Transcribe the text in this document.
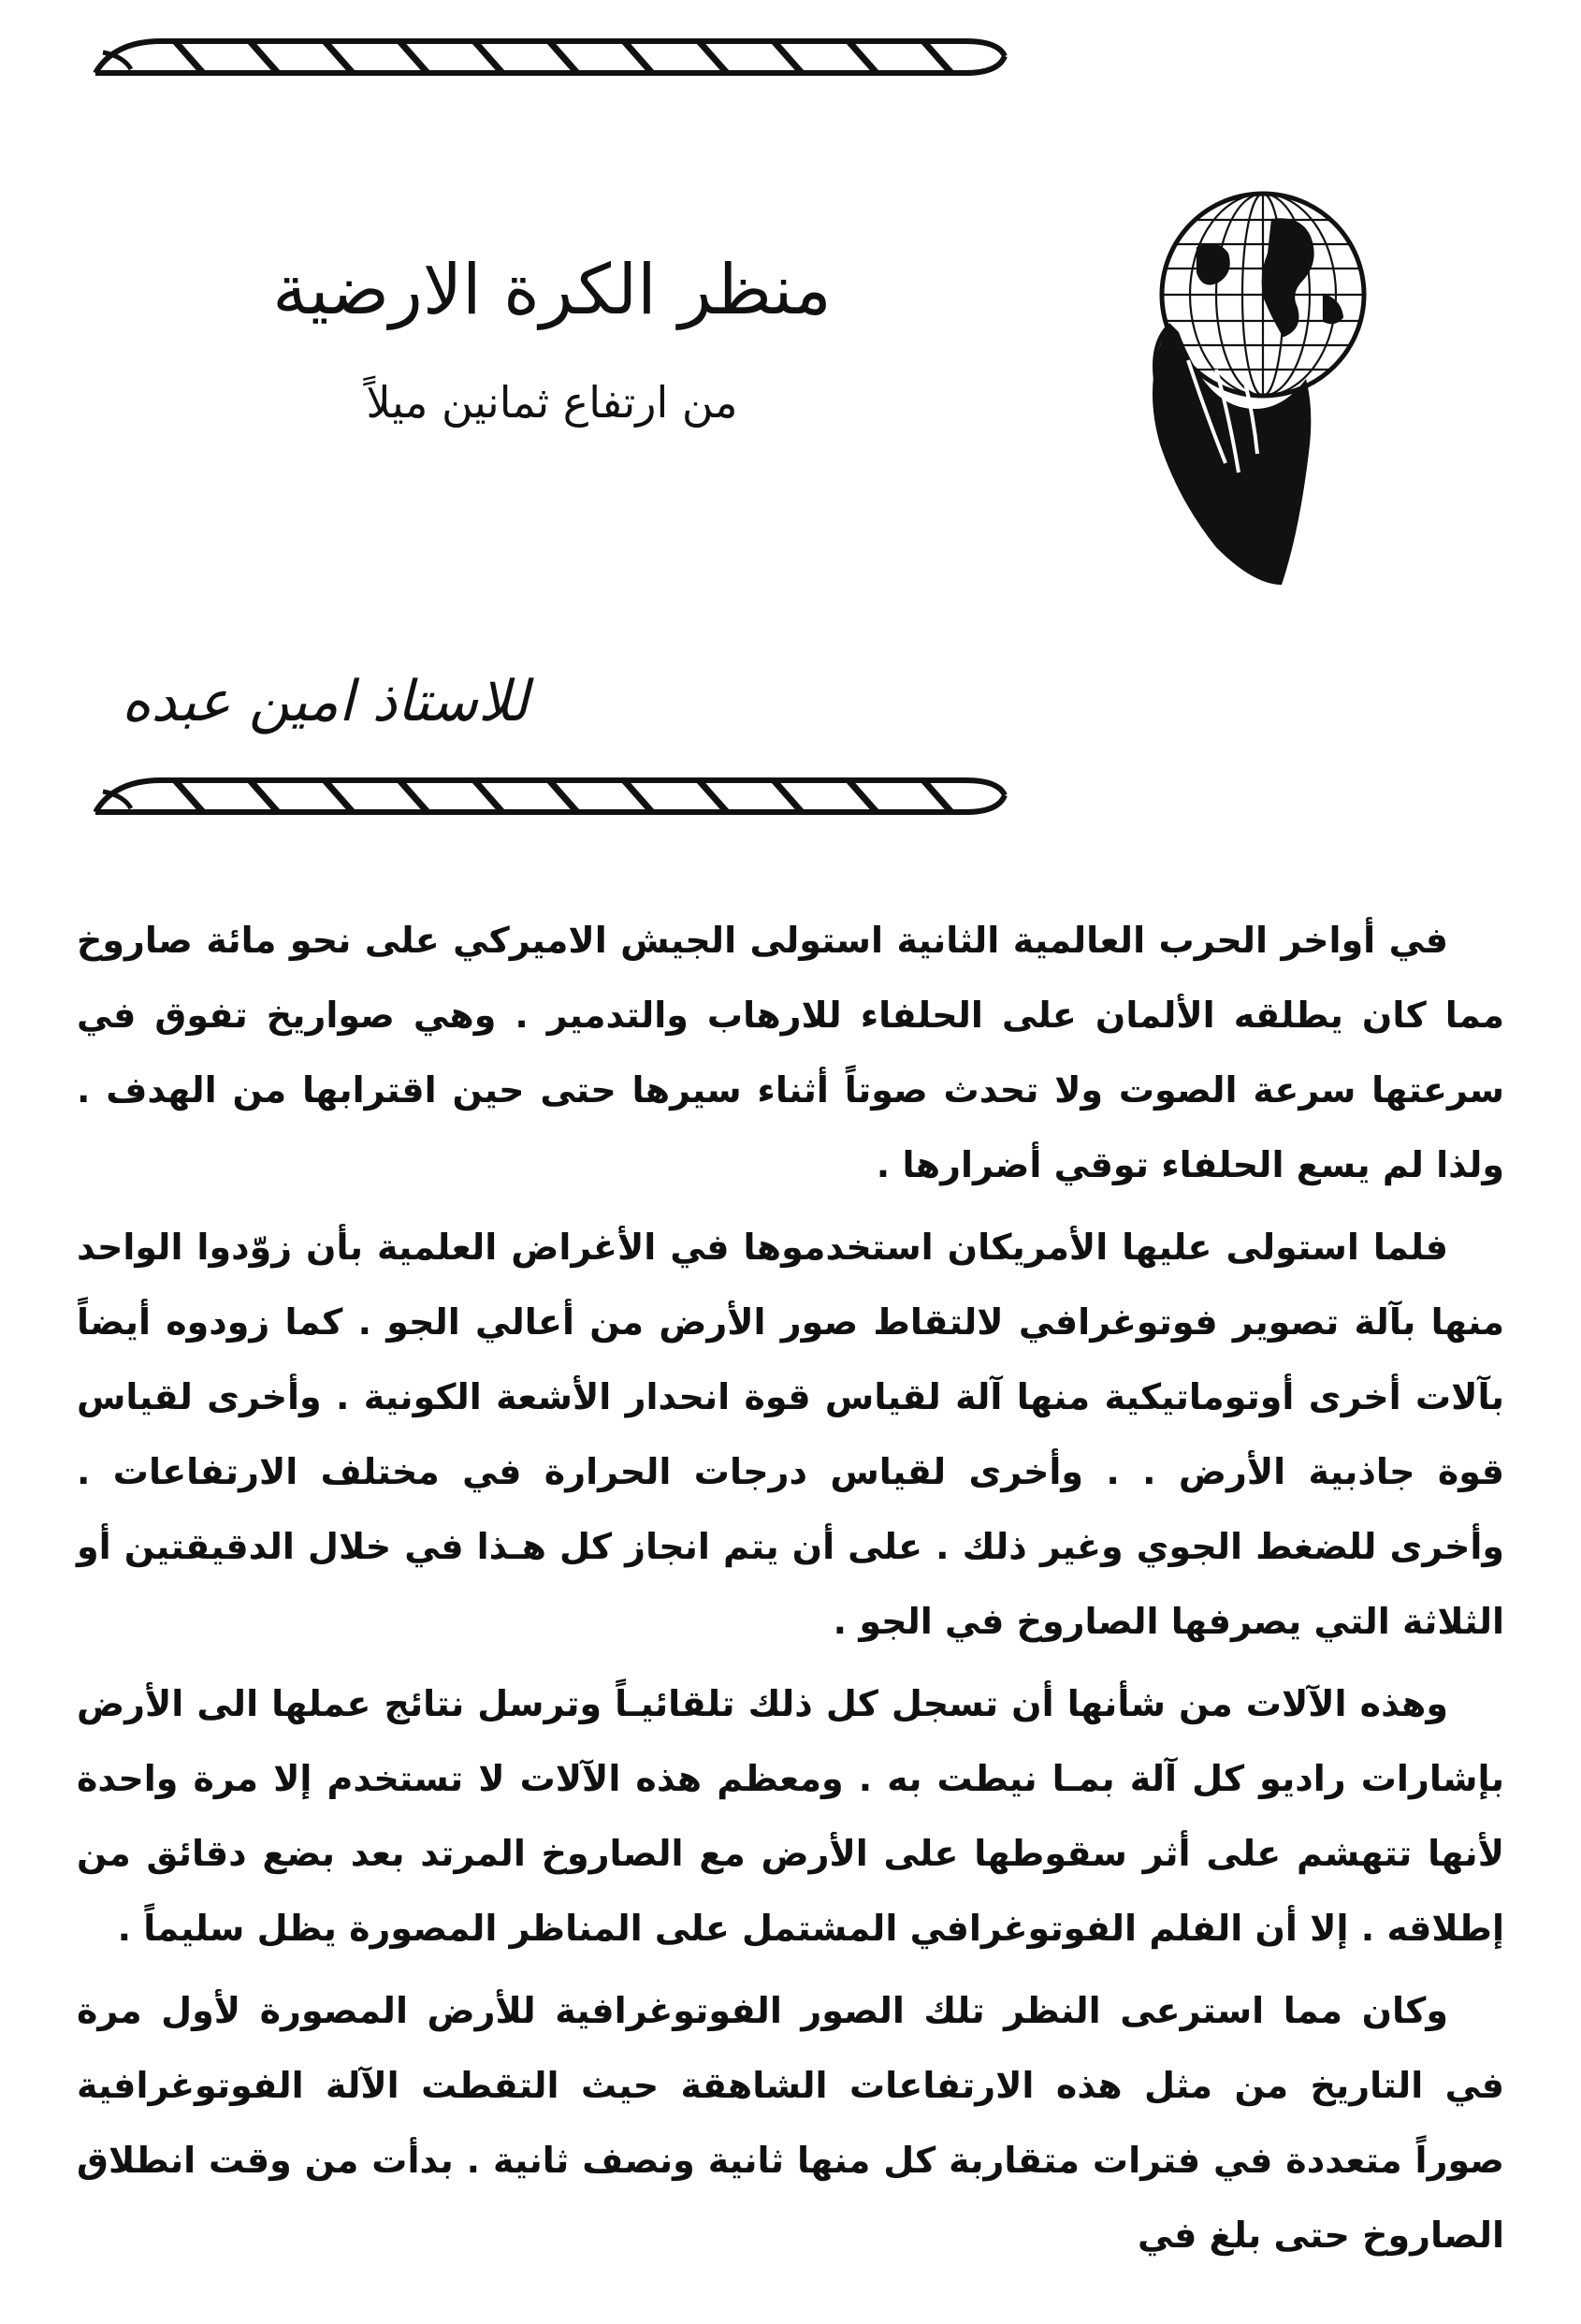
منظر الكرة الارضية

من ارتفاع ثمانين ميلاً

للاستاذ امين عبده

في أواخر الحرب العالمية الثانية استولى الجيش الاميركي على نحو مائة صاروخ مما كان يطلقه الألمان على الحلفاء للارهاب والتدمير . وهي صواريخ تفوق في سرعتها سرعة الصوت ولا تحدث صوتاً أثناء سيرها حتى حين اقترابها من الهدف . ولذا لم يسع الحلفاء توقي أضرارها .

فلما استولى عليها الأمريكان استخدموها في الأغراض العلمية بأن زوّدوا الواحد منها بآلة تصوير فوتوغرافي لالتقاط صور الأرض من أعالي الجو . كما زودوه أيضاً بآلات أخرى أوتوماتيكية منها آلة لقياس قوة انحدار الأشعة الكونية . وأخرى لقياس قوة جاذبية الأرض . . وأخرى لقياس درجات الحرارة في مختلف الارتفاعات . وأخرى للضغط الجوي وغير ذلك . على أن يتم انجاز كل هـذا في خلال الدقيقتين أو الثلاثة التي يصرفها الصاروخ في الجو .

وهذه الآلات من شأنها أن تسجل كل ذلك تلقائيـاً وترسل نتائج عملها الى الأرض بإشارات راديو كل آلة بمـا نيطت به . ومعظم هذه الآلات لا تستخدم إلا مرة واحدة لأنها تتهشم على أثر سقوطها على الأرض مع الصاروخ المرتد بعد بضع دقائق من إطلاقه . إلا أن الفلم الفوتوغرافي المشتمل على المناظر المصورة يظل سليماً .

وكان مما استرعى النظر تلك الصور الفوتوغرافية للأرض المصورة لأول مرة في التاريخ من مثل هذه الارتفاعات الشاهقة حيث التقطت الآلة الفوتوغرافية صوراً متعددة في فترات متقاربة كل منها ثانية ونصف ثانية . بدأت من وقت انطلاق الصاروخ حتى بلغ في
